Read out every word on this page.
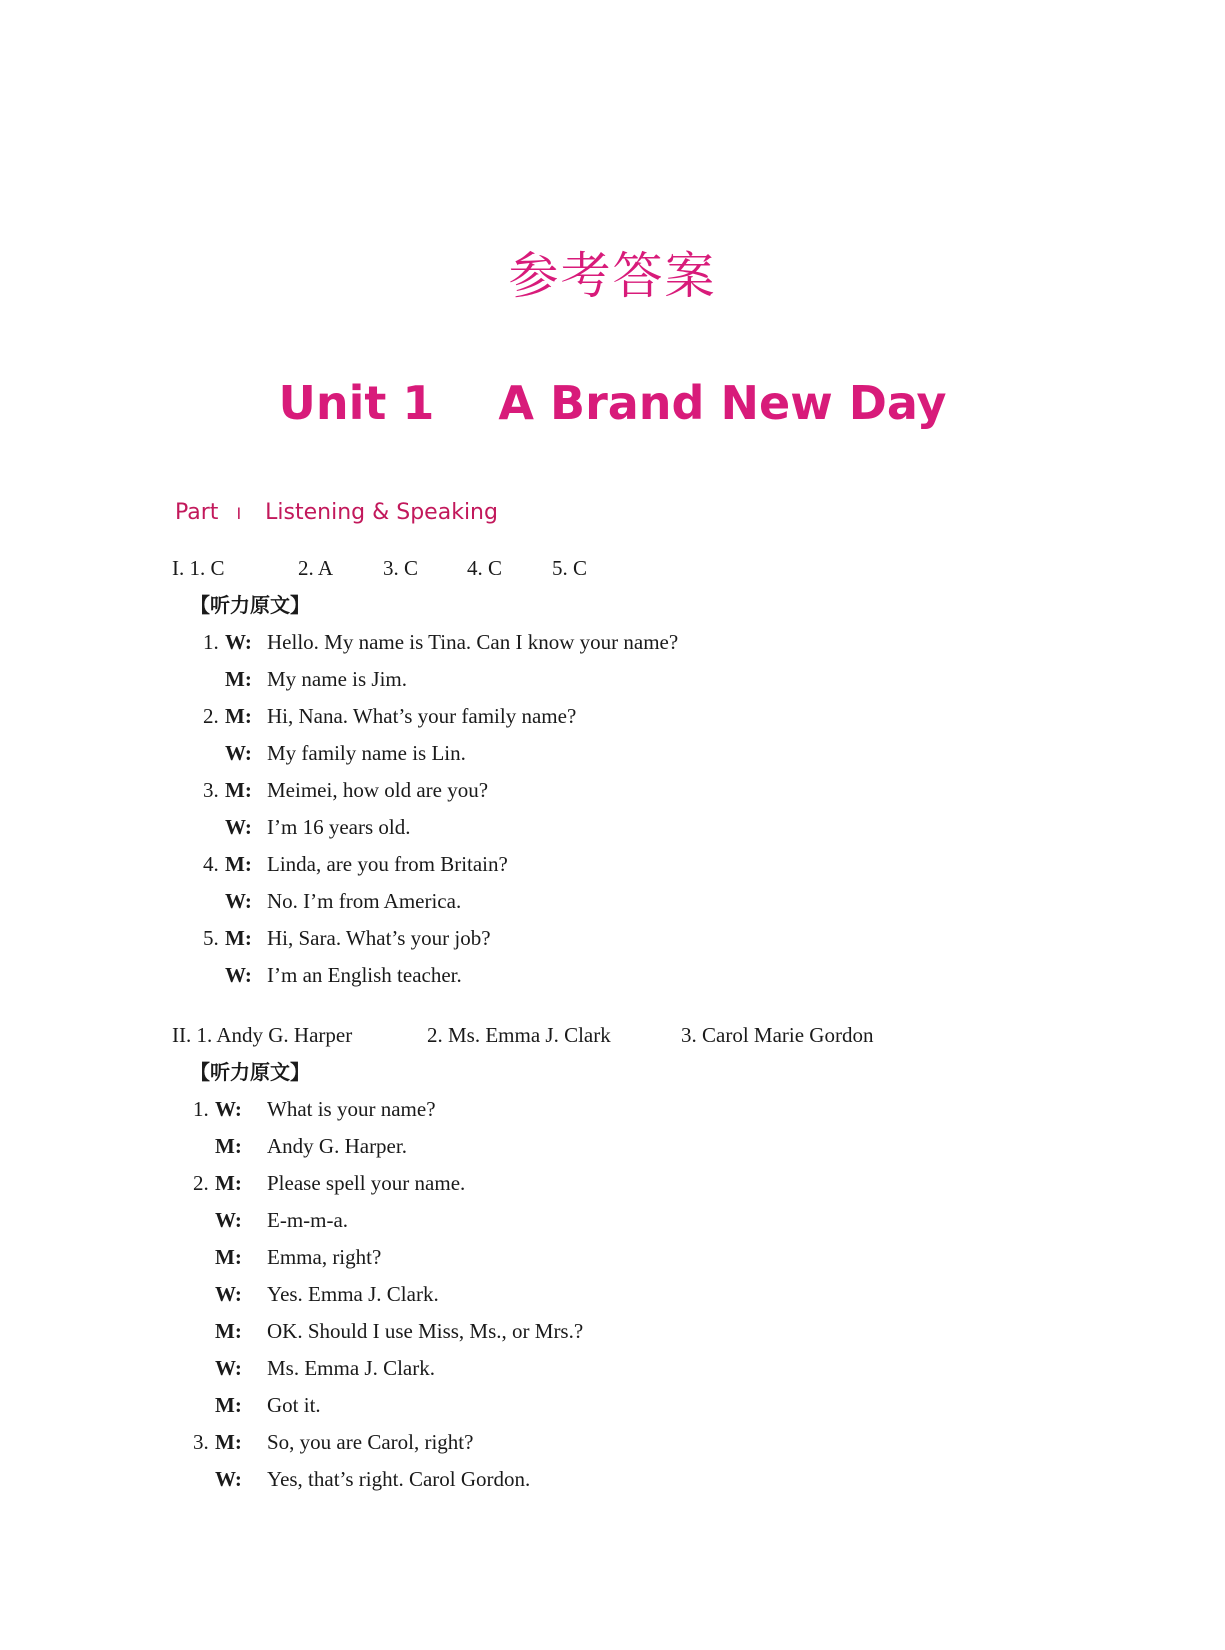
参考答案
Unit 1    A Brand New Day
Part I Listening & Speaking
I. 1. C	2. A 3. C 4. C 5. C
【听力原文】
1. W: Hello. My name is Tina. Can I know your name?
M: My name is Jim.
2. M: Hi, Nana. What’s your family name?
W: My family name is Lin.
3. M: Meimei, how old are you?
W: I’m 16 years old.
4. M: Linda, are you from Britain?
W: No. I’m from America.
5. M: Hi, Sara. What’s your job?
W: I’m an English teacher.
II. 1. Andy G. Harper	2. Ms. Emma J. Clark	3. Carol Marie Gordon
【听力原文】
1. W: What is your name?
M: Andy G. Harper.
2. M: Please spell your name.
W: E-m-m-a.
M: Emma, right?
W: Yes. Emma J. Clark.
M: OK. Should I use Miss, Ms., or Mrs.?
W: Ms. Emma J. Clark.
M: Got it.
3. M: So, you are Carol, right?
W: Yes, that’s right. Carol Gordon.
